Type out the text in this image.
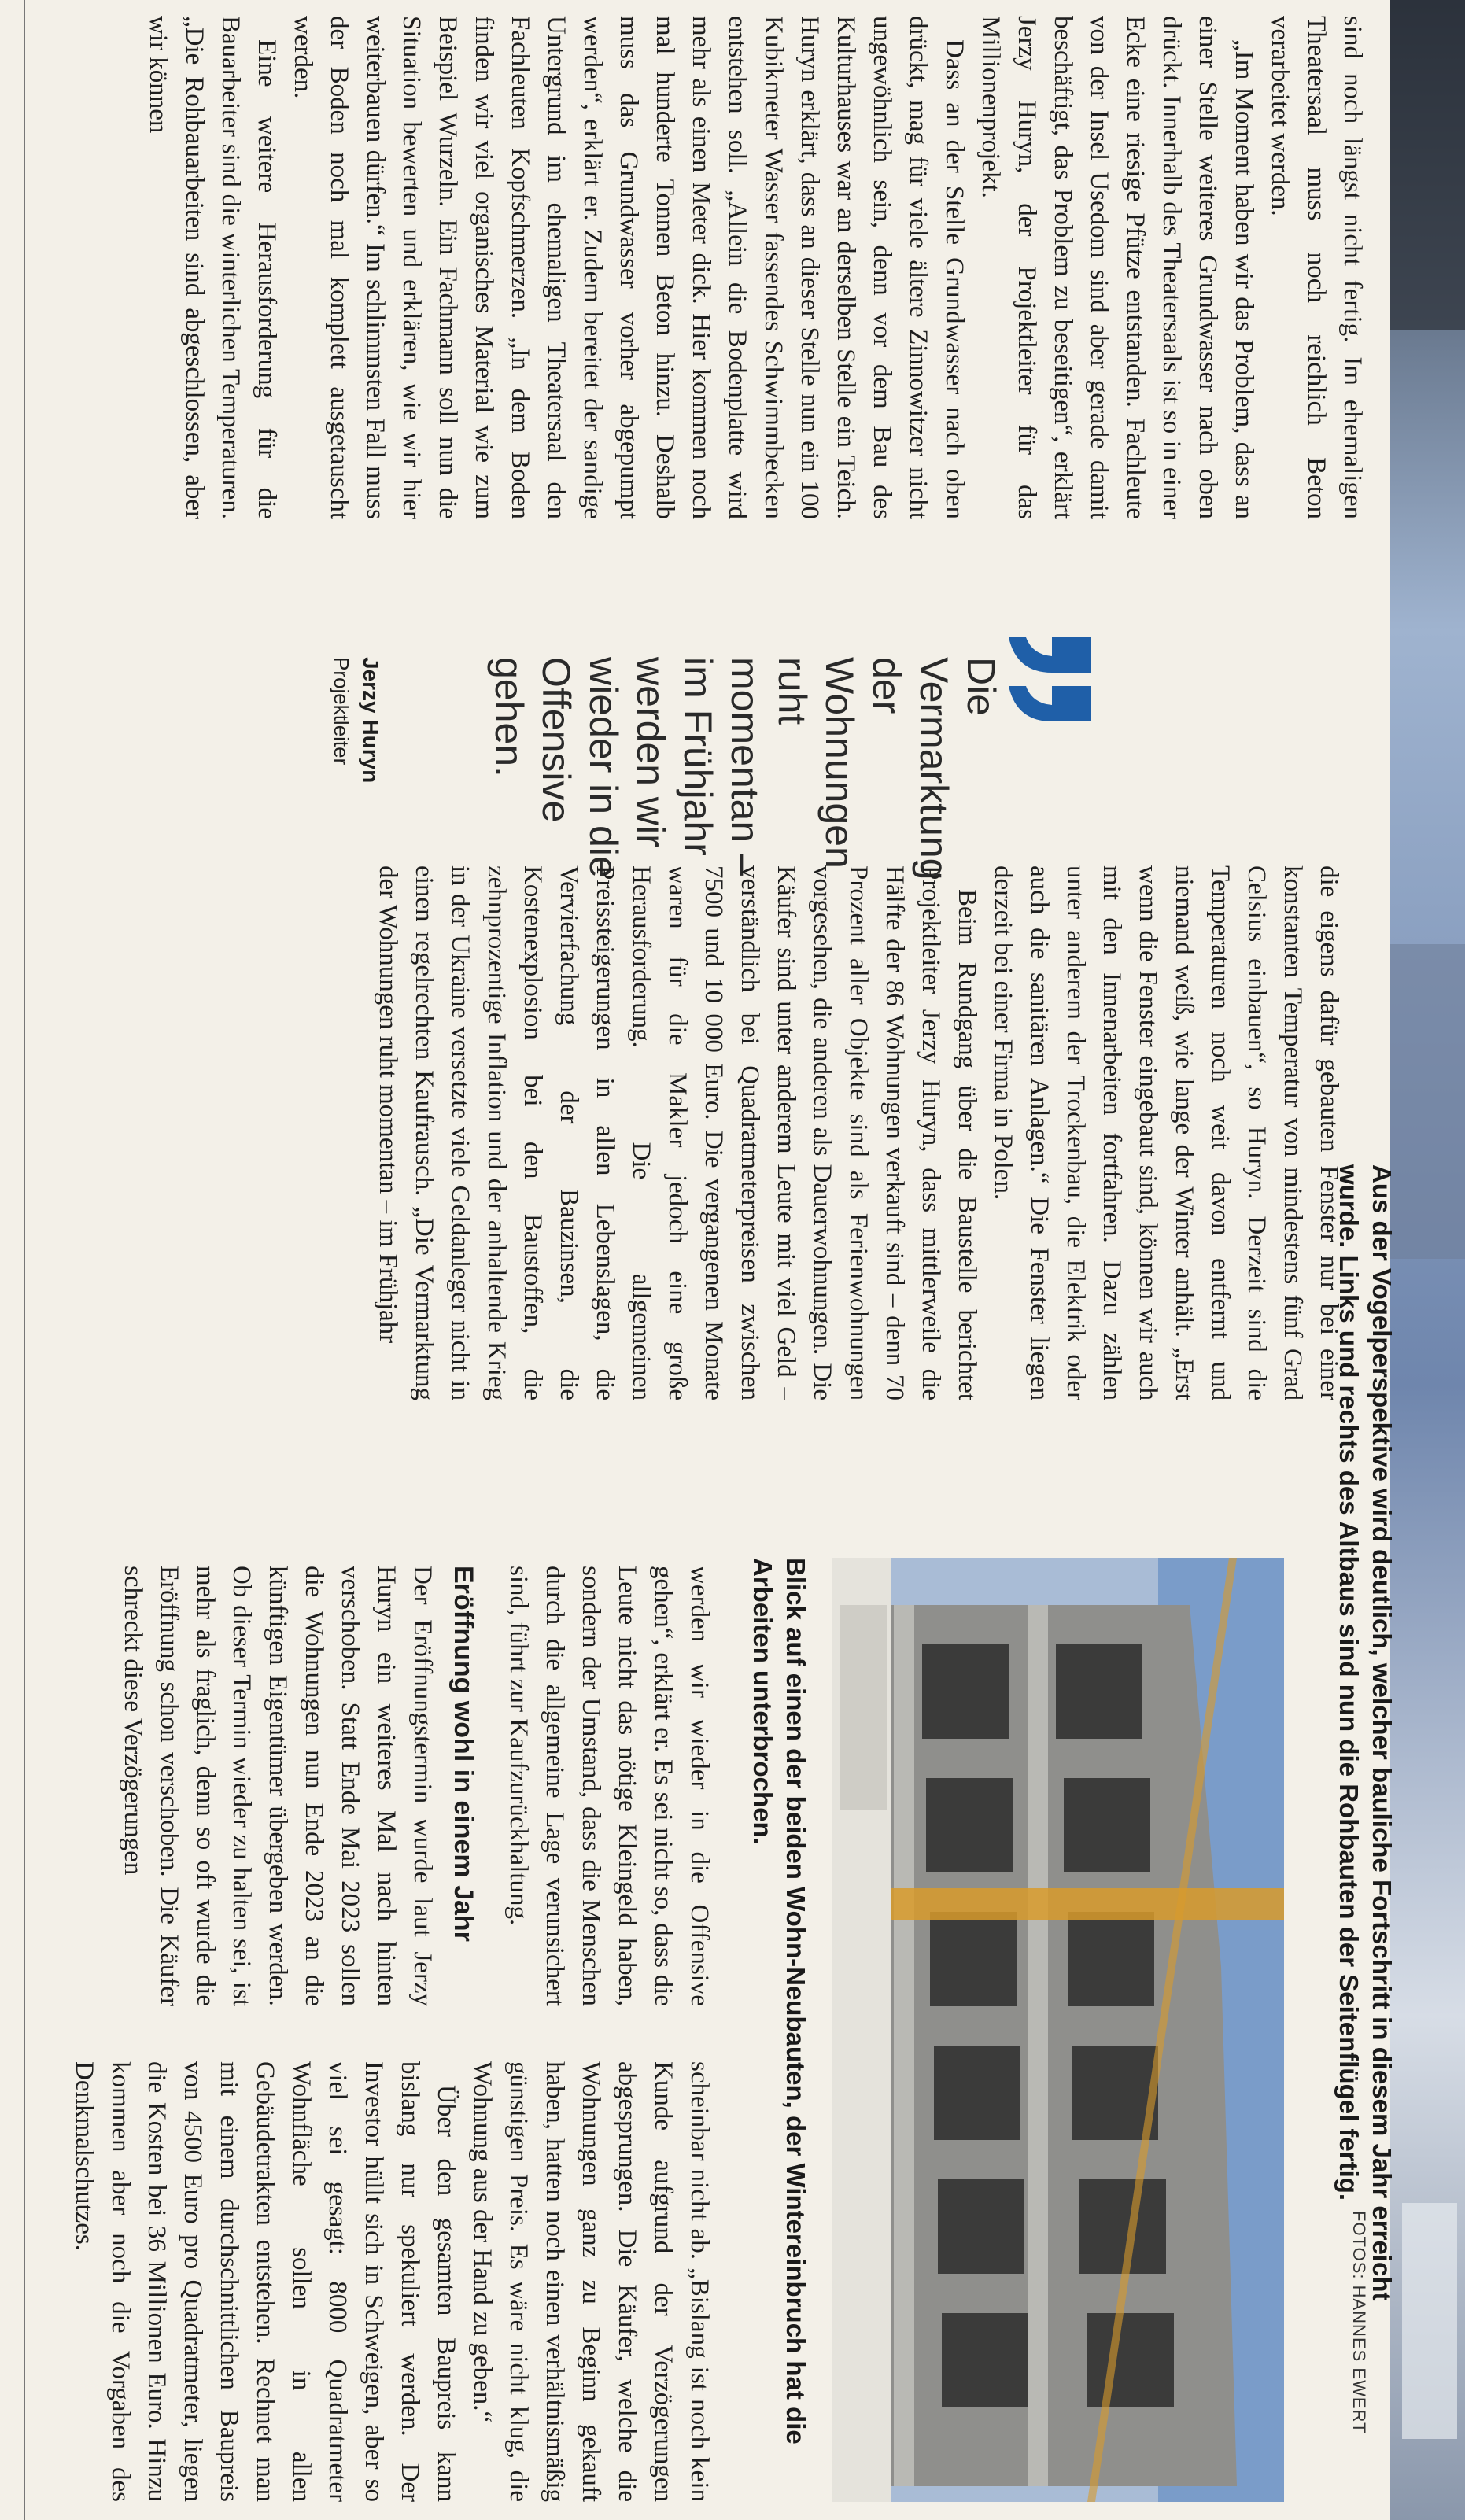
Aus der Vogelperspektive wird deutlich, welcher bauliche Fortschritt in diesem Jahr erreicht wurde. Links und rechts des Altbaus sind nun die Rohbauten der Seitenflügel fertig.

FOTOS: HANNES EWERT

Blick auf einen der beiden Wohn-Neubauten, der Wintereinbruch hat die Arbeiten unterbrochen.

Die Vermarktung der Wohnungen ruht momentan – im Frühjahr werden wir wieder in die Offensive gehen.

Jerzy Huryn

Projektleiter

sind noch längst nicht fertig. Im ehemaligen Theatersaal muss noch reichlich Beton verarbeitet werden.

„Im Moment haben wir das Problem, dass an einer Stelle weiteres Grundwasser nach oben drückt. Innerhalb des Theatersaals ist so in einer Ecke eine riesige Pfütze entstanden. Fachleute von der Insel Usedom sind aber gerade damit beschäftigt, das Problem zu beseitigen“, erklärt Jerzy Huryn, der Projektleiter für das Millionenprojekt.

Dass an der Stelle Grundwasser nach oben drückt, mag für viele ältere Zinnowitzer nicht ungewöhnlich sein, denn vor dem Bau des Kulturhauses war an derselben Stelle ein Teich. Huryn erklärt, dass an dieser Stelle nun ein 100 Kubikmeter Wasser fassendes Schwimmbecken entstehen soll. „Allein die Bodenplatte wird mehr als einen Meter dick. Hier kommen noch mal hunderte Tonnen Beton hinzu. Deshalb muss das Grundwasser vorher abgepumpt werden“, erklärt er. Zudem bereitet der sandige Untergrund im ehemaligen Theatersaal den Fachleuten Kopfschmerzen. „In dem Boden finden wir viel organisches Material wie zum Beispiel Wurzeln. Ein Fachmann soll nun die Situation bewerten und erklären, wie wir hier weiterbauen dürfen.“ Im schlimmsten Fall muss der Boden noch mal komplett ausgetauscht werden.

Eine weitere Herausforderung für die Bauarbeiter sind die winterlichen Temperaturen. „Die Rohbauarbeiten sind abgeschlossen, aber wir können

die eigens dafür gebauten Fenster nur bei einer konstanten Temperatur von mindestens fünf Grad Celsius einbauen“, so Huryn. Derzeit sind die Temperaturen noch weit davon entfernt und niemand weiß, wie lange der Winter anhält. „Erst wenn die Fenster eingebaut sind, können wir auch mit den Innenarbeiten fortfahren. Dazu zählen unter anderem der Trockenbau, die Elektrik oder auch die sanitären Anlagen.“ Die Fenster liegen derzeit bei einer Firma in Polen.

Beim Rundgang über die Baustelle berichtet Projektleiter Jerzy Huryn, dass mittlerweile die Hälfte der 86 Wohnungen verkauft sind – denn 70 Prozent aller Objekte sind als Ferienwohnungen vorgesehen, die anderen als Dauerwohnungen. Die Käufer sind unter anderem Leute mit viel Geld – verständlich bei Quadratmeterpreisen zwischen 7500 und 10 000 Euro. Die vergangenen Monate waren für die Makler jedoch eine große Herausforderung. Die allgemeinen Preissteigerungen in allen Lebenslagen, die Vervierfachung der Bauzinsen, die Kostenexplosion bei den Baustoffen, die zehnprozentige Inflation und der anhaltende Krieg in der Ukraine versetzte viele Geldanleger nicht in einen regelrechten Kaufrausch. „Die Vermarktung der Wohnungen ruht momentan – im Frühjahr

werden wir wieder in die Offensive gehen“, erklärt er. Es sei nicht so, dass die Leute nicht das nötige Kleingeld haben, sondern der Umstand, dass die Menschen durch die allgemeine Lage verunsichert sind, führt zur Kaufzurückhaltung.

Eröffnung wohl in einem Jahr

Der Eröffnungstermin wurde laut Jerzy Huryn ein weiteres Mal nach hinten verschoben. Statt Ende Mai 2023 sollen die Wohnungen nun Ende 2023 an die künftigen Eigentümer übergeben werden. Ob dieser Termin wieder zu halten sei, ist mehr als fraglich, denn so oft wurde die Eröffnung schon verschoben. Die Käufer schreckt diese Verzögerungen

scheinbar nicht ab. „Bislang ist noch kein Kunde aufgrund der Verzögerungen abgesprungen. Die Käufer, welche die Wohnungen ganz zu Beginn gekauft haben, hatten noch einen verhältnismäßig günstigen Preis. Es wäre nicht klug, die Wohnung aus der Hand zu geben.“

Über den gesamten Baupreis kann bislang nur spekuliert werden. Der Investor hüllt sich in Schweigen, aber so viel sei gesagt: 8000 Quadratmeter Wohnfläche sollen in allen Gebäudetrakten entstehen. Rechnet man mit einem durchschnittlichen Baupreis von 4500 Euro pro Quadratmeter, liegen die Kosten bei 36 Millionen Euro. Hinzu kommen aber noch die Vorgaben des Denkmalschutzes.
